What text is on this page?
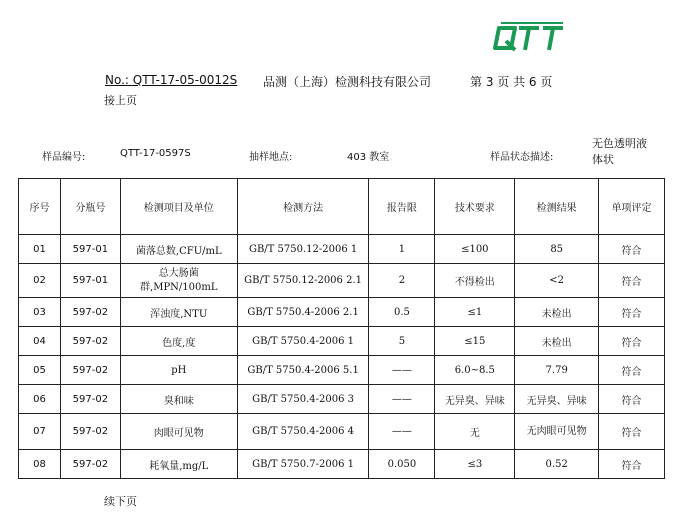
No.: QTT-17-05-0012S 品测（上海）检测科技有限公司	第 3 页 共 6 页
接上页
样品编号:	QTT-17-0597S	抽样地点:	403 教室	样品状态描述:
无色透明液体状
序号	分瓶号	检测项目及单位	检测方法	报告限	技术要求	检测结果	单项评定
01	597-01	菌落总数,CFU/mL	GB/T 5750.12-2006 1	1	≤100	85	符合
02	597-01	总大肠菌群,MPN/100mL	GB/T 5750.12-2006 2.1	2	不得检出	<2	符合
03	597-02	浑浊度,NTU	GB/T 5750.4-2006 2.1	0.5	≤1	未检出	符合
04	597-02	色度,度	GB/T 5750.4-2006 1	5	≤15	未检出	符合
05	597-02	pH	GB/T 5750.4-2006 5.1	——	6.0~8.5	7.79	符合
06	597-02	臭和味	GB/T 5750.4-2006 3	——	无异臭、异味	无异臭、异味	符合
07	597-02	肉眼可见物	GB/T 5750.4-2006 4	——	无	无肉眼可见物	符合
08	597-02	耗氧量,mg/L	GB/T 5750.7-2006 1	0.050	≤3	0.52	符合
续下页
